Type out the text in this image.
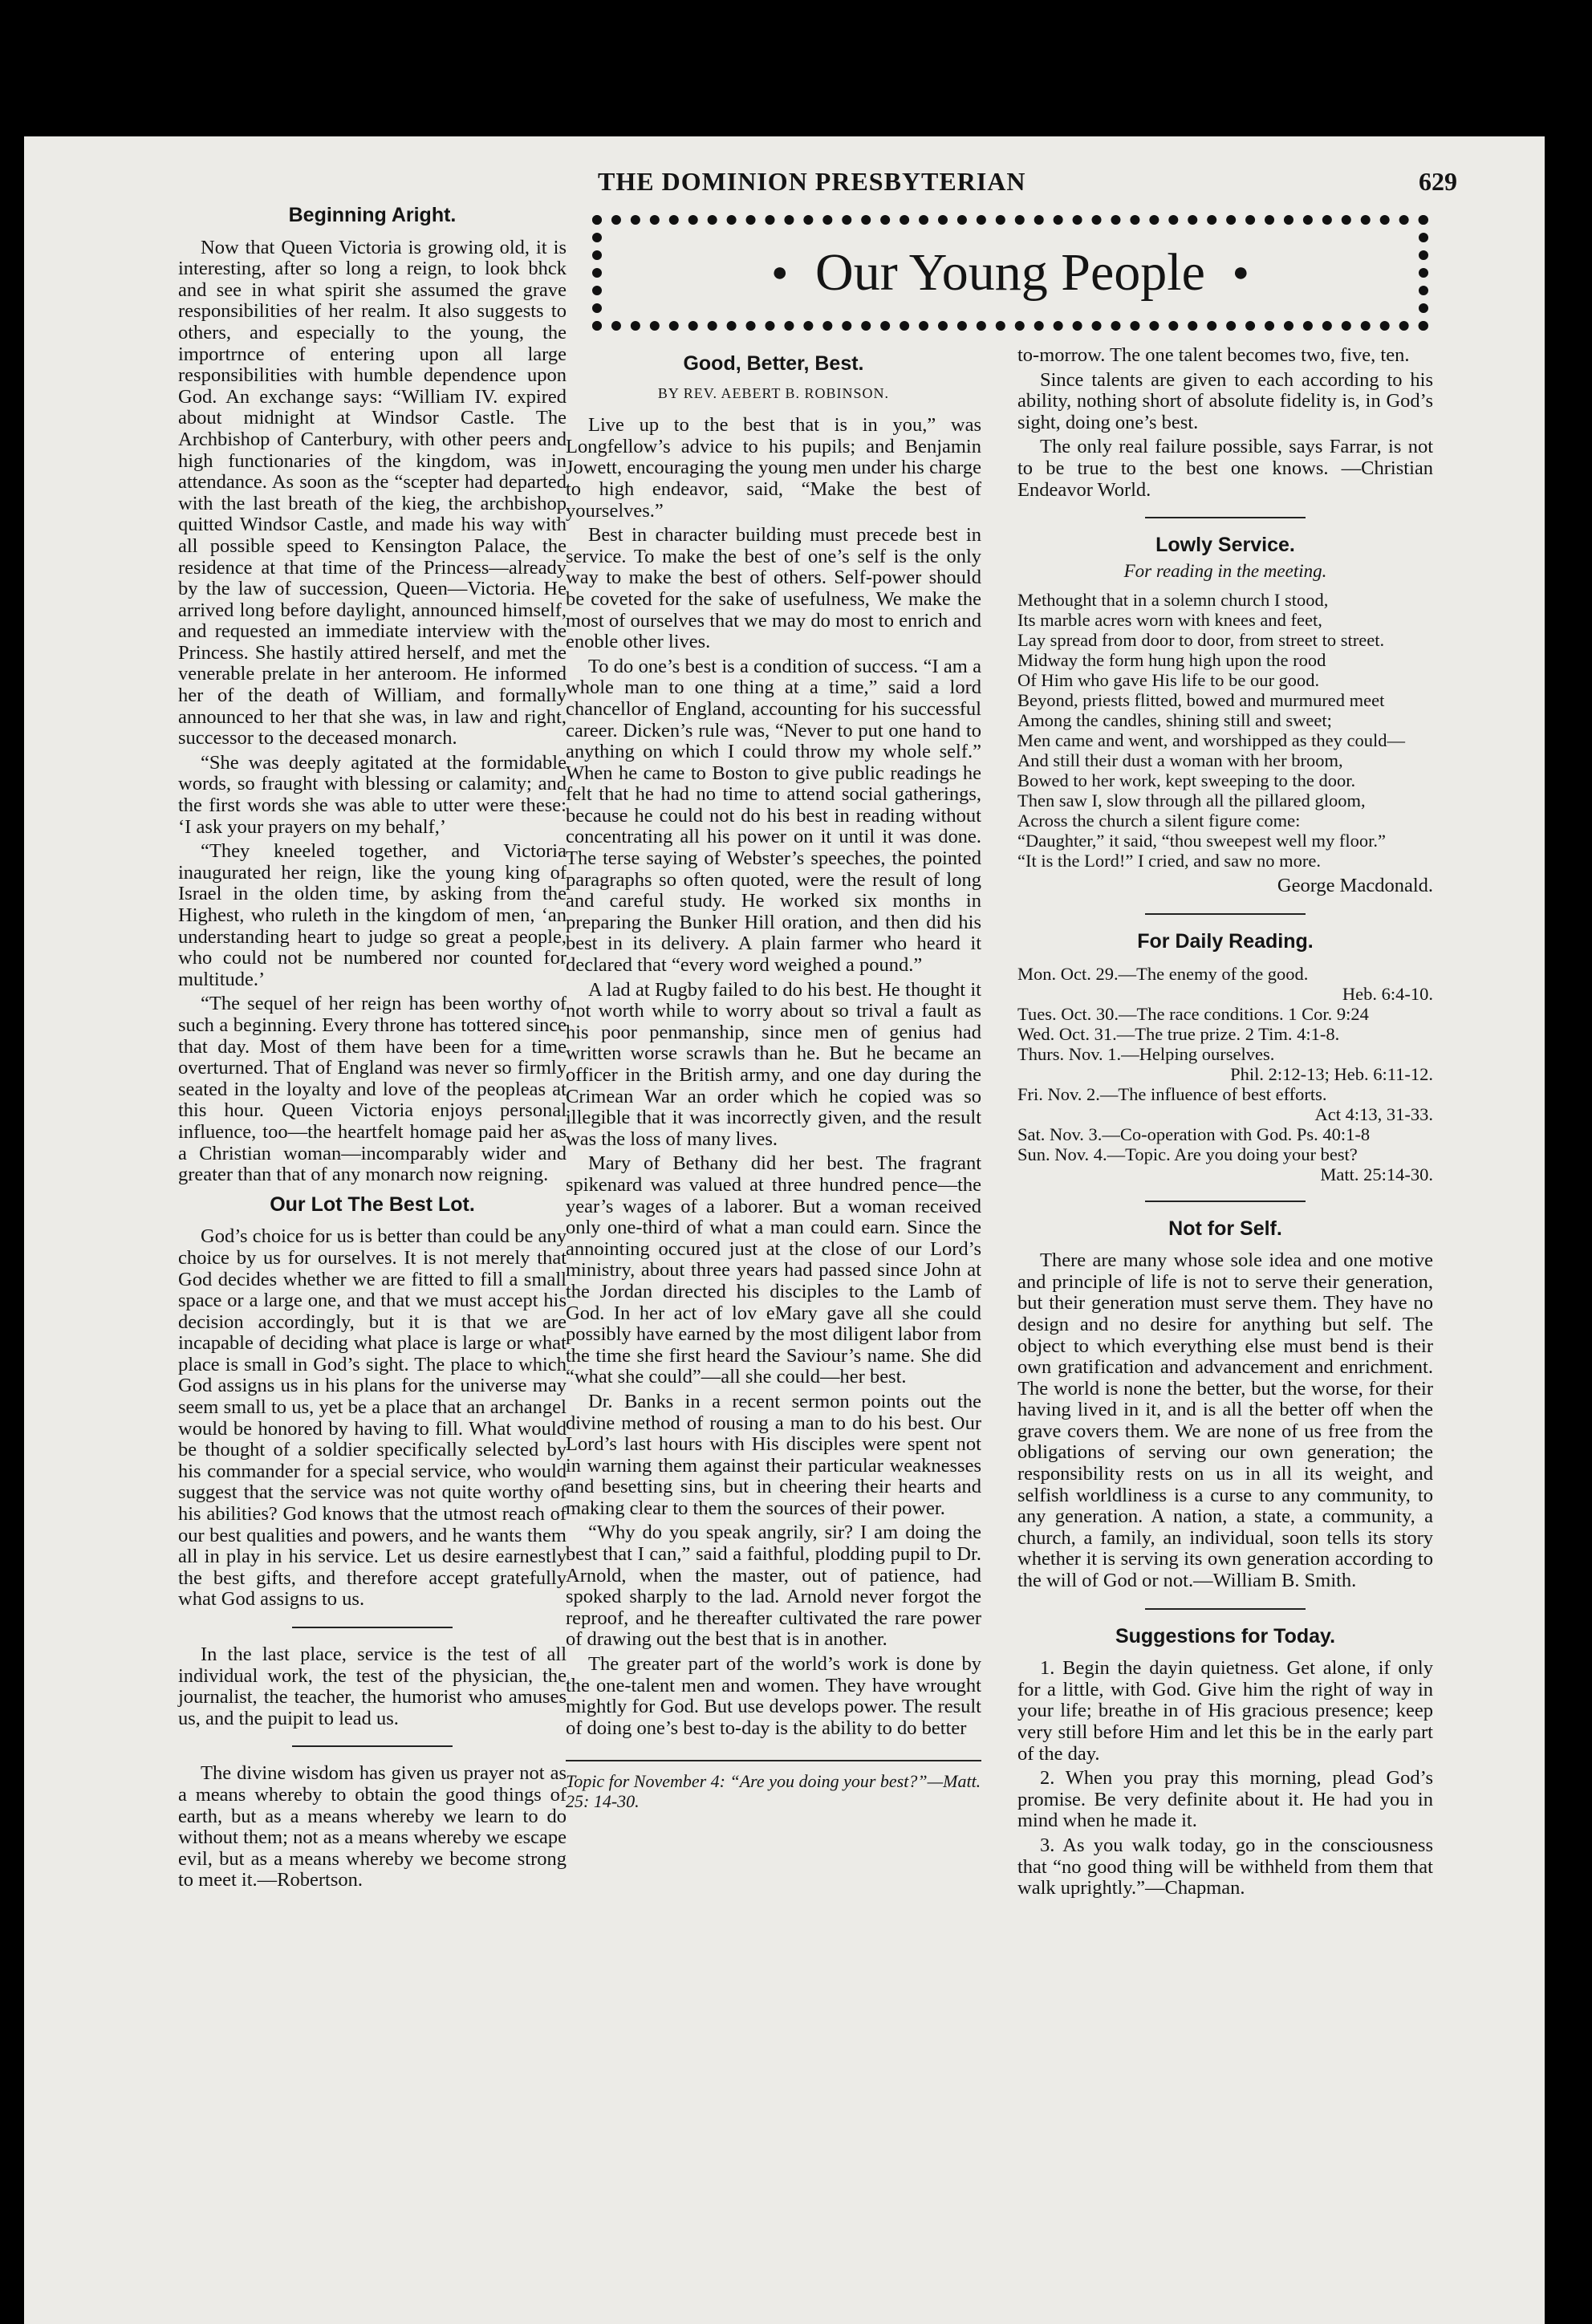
THE DOMINION PRESBYTERIAN	629
● Our Young People ●
Beginning Aright.

Now that Queen Victoria is growing old, it is interesting, after so long a reign, to look bhck and see in what spirit she assumed the grave responsibilities of her realm. It also suggests to others, and especially to the young, the importrnce of entering upon all large responsibilities with humble dependence upon God. An exchange says: “William IV. expired about midnight at Windsor Castle. The Archbishop of Canterbury, with other peers and high functionaries of the kingdom, was in attendance. As soon as the “scepter had departed with the last breath of the kieg, the archbishop quitted Windsor Castle, and made his way with all possible speed to Kensington Palace, the residence at that time of the Princess—already by the law of succession, Queen—Victoria. He arrived long before daylight, announced himself, and requested an immediate interview with the Princess. She hastily attired herself, and met the venerable prelate in her anteroom. He informed her of the death of William, and formally announced to her that she was, in law and right, successor to the deceased monarch.

“She was deeply agitated at the formidable words, so fraught with blessing or calamity; and the first words she was able to utter were these: ‘I ask your prayers on my behalf,’

“They kneeled together, and Victoria inaugurated her reign, like the young king of Israel in the olden time, by asking from the Highest, who ruleth in the kingdom of men, ‘an understanding heart to judge so great a people, who could not be numbered nor counted for multitude.’

“The sequel of her reign has been worthy of such a beginning. Every throne has tottered since that day. Most of them have been for a time overturned. That of England was never so firmly seated in the loyalty and love of the peopleas at this hour. Queen Victoria enjoys personal influence, too—the heartfelt homage paid her as a Christian woman—incomparably wider and greater than that of any monarch now reigning.

Our Lot The Best Lot.

God’s choice for us is better than could be any choice by us for ourselves. It is not merely that God decides whether we are fitted to fill a small space or a large one, and that we must accept his decision accordingly, but it is that we are incapable of deciding what place is large or what place is small in God’s sight. The place to which God assigns us in his plans for the universe may seem small to us, yet be a place that an archangel would be honored by having to fill. What would be thought of a soldier specifically selected by his commander for a special service, who would suggest that the service was not quite worthy of his abilities? God knows that the utmost reach of our best qualities and powers, and he wants them all in play in his service. Let us desire earnestly the best gifts, and therefore accept gratefully what God assigns to us.

In the last place, service is the test of all individual work, the test of the physician, the journalist, the teacher, the humorist who amuses us, and the puipit to lead us.

The divine wisdom has given us prayer not as a means whereby to obtain the good things of earth, but as a means whereby we learn to do without them; not as a means whereby we escape evil, but as a means whereby we become strong to meet it.—Robertson.

Good, Better, Best.
BY REV. AEBERT B. ROBINSON.

Live up to the best that is in you,” was Longfellow’s advice to his pupils; and Benjamin Jowett, encouraging the young men under his charge to high endeavor, said, “Make the best of yourselves.”

Best in character building must precede best in service. To make the best of one’s self is the only way to make the best of others. Self-power should be coveted for the sake of usefulness, We make the most of ourselves that we may do most to enrich and enoble other lives.

To do one’s best is a condition of success. “I am a whole man to one thing at a time,” said a lord chancellor of England, accounting for his successful career. Dicken’s rule was, “Never to put one hand to anything on which I could throw my whole self.” When he came to Boston to give public readings he felt that he had no time to attend social gatherings, because he could not do his best in reading without concentrating all his power on it until it was done. The terse saying of Webster’s speeches, the pointed paragraphs so often quoted, were the result of long and careful study. He worked six months in preparing the Bunker Hill oration, and then did his best in its delivery. A plain farmer who heard it declared that “every word weighed a pound.”

A lad at Rugby failed to do his best. He thought it not worth while to worry about so trival a fault as his poor penmanship, since men of genius had written worse scrawls than he. But he became an officer in the British army, and one day during the Crimean War an order which he copied was so illegible that it was incorrectly given, and the result was the loss of many lives.

Mary of Bethany did her best. The fragrant spikenard was valued at three hundred pence—the year’s wages of a laborer. But a woman received only one-third of what a man could earn. Since the annointing occured just at the close of our Lord’s ministry, about three years had passed since John at the Jordan directed his disciples to the Lamb of God. In her act of lov eMary gave all she could possibly have earned by the most diligent labor from the time she first heard the Saviour’s name. She did “what she could”—all she could—her best.

Dr. Banks in a recent sermon points out the divine method of rousing a man to do his best. Our Lord’s last hours with His disciples were spent not in warning them against their particular weaknesses and besetting sins, but in cheering their hearts and making clear to them the sources of their power.

“Why do you speak angrily, sir? I am doing the best that I can,” said a faithful, plodding pupil to Dr. Arnold, when the master, out of patience, had spoked sharply to the lad. Arnold never forgot the reproof, and he thereafter cultivated the rare power of drawing out the best that is in another.

The greater part of the world’s work is done by the one-talent men and women. They have wrought mightly for God. But use develops power. The result of doing one’s best to-day is the ability to do better

Topic for November 4: “Are you doing your best?”—Matt. 25: 14-30.

to-morrow. The one talent becomes two, five, ten.

Since talents are given to each according to his ability, nothing short of absolute fidelity is, in God’s sight, doing one’s best.

The only real failure possible, says Farrar, is not to be true to the best one knows. —Christian Endeavor World.

Lowly Service.
For reading in the meeting.
Methought that in a solemn church I stood,
Its marble acres worn with knees and feet,
Lay spread from door to door, from street to street.
Midway the form hung high upon the rood
Of Him who gave His life to be our good.
Beyond, priests flitted, bowed and murmured meet
Among the candles, shining still and sweet;
Men came and went, and worshipped as they could—
And still their dust a woman with her broom,
Bowed to her work, kept sweeping to the door.
Then saw I, slow through all the pillared gloom,
Across the church a silent figure come:
“Daughter,” it said, “thou sweepest well my floor.”
“It is the Lord!” I cried, and saw no more.
George Macdonald.
For Daily Reading.
Mon. Oct. 29.—The enemy of the good.
Heb. 6:4-10.
Tues. Oct. 30.—The race conditions. 1 Cor. 9:24
Wed. Oct. 31.—The true prize. 2 Tim. 4:1-8.
Thurs. Nov. 1.—Helping ourselves.
Phil. 2:12-13; Heb. 6:11-12.
Fri. Nov. 2.—The influence of best efforts.
Act 4:13, 31-33.
Sat. Nov. 3.—Co-operation with God. Ps. 40:1-8
Sun. Nov. 4.—Topic. Are you doing your best?
Matt. 25:14-30.
Not for Self.

There are many whose sole idea and one motive and principle of life is not to serve their generation, but their generation must serve them. They have no design and no desire for anything but self. The object to which everything else must bend is their own gratification and advancement and enrichment. The world is none the better, but the worse, for their having lived in it, and is all the better off when the grave covers them. We are none of us free from the obligations of serving our own generation; the responsibility rests on us in all its weight, and selfish worldliness is a curse to any community, to any generation. A nation, a state, a community, a church, a family, an individual, soon tells its story whether it is serving its own generation according to the will of God or not.—William B. Smith.

Suggestions for Today.

1. Begin the dayin quietness. Get alone, if only for a little, with God. Give him the right of way in your life; breathe in of His gracious presence; keep very still before Him and let this be in the early part of the day.

2. When you pray this morning, plead God’s promise. Be very definite about it. He had you in mind when he made it.

3. As you walk today, go in the consciousness that “no good thing will be withheld from them that walk uprightly.”—Chapman.
